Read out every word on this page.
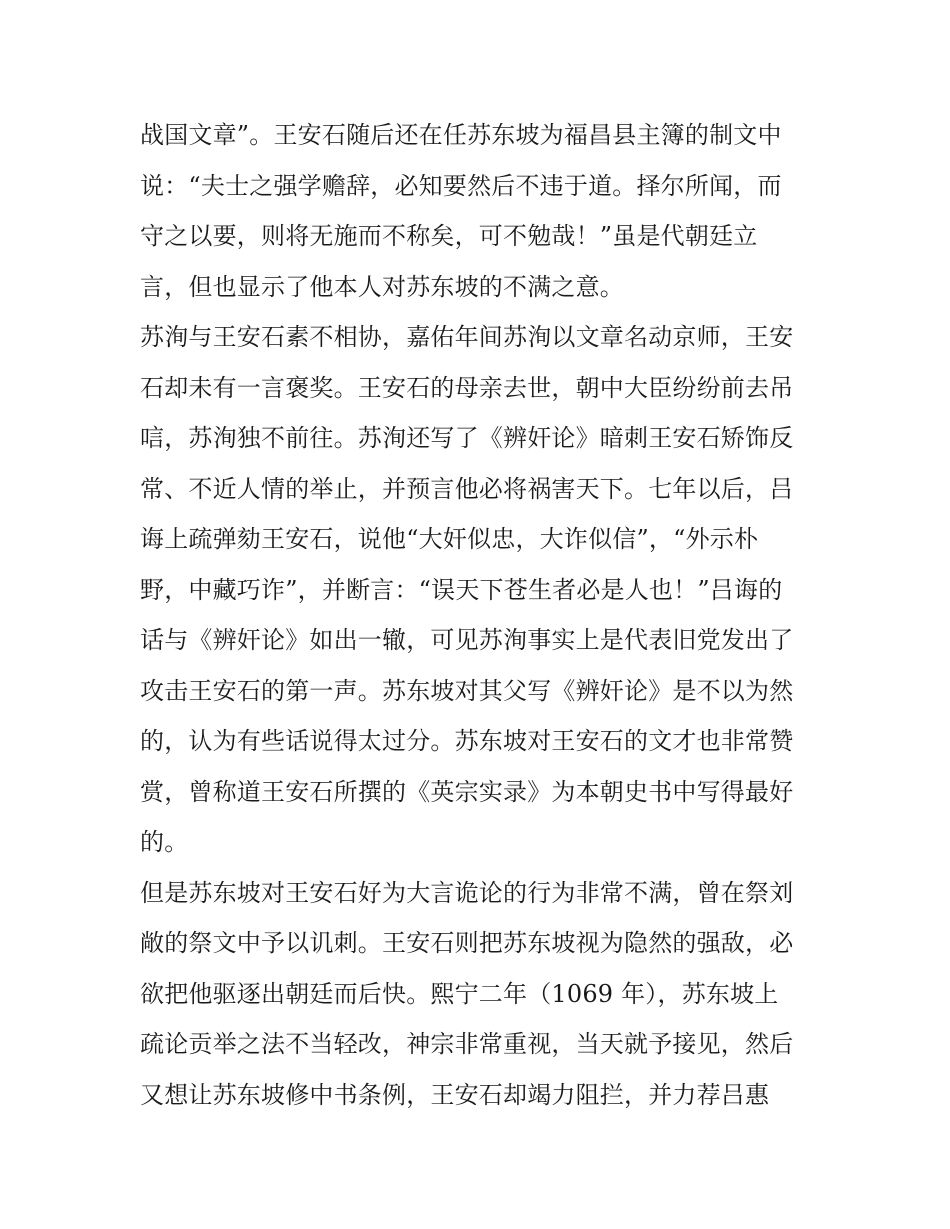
战国文章”。王安石随后还在任苏东坡为福昌县主簿的制文中
说：“夫士之强学赡辞，必知要然后不违于道。择尔所闻，而
守之以要，则将无施而不称矣，可不勉哉！”虽是代朝廷立
言，但也显示了他本人对苏东坡的不满之意。
苏洵与王安石素不相协，嘉佑年间苏洵以文章名动京师，王安
石却未有一言褒奖。王安石的母亲去世，朝中大臣纷纷前去吊
唁，苏洵独不前往。苏洵还写了《辨奸论》暗刺王安石矫饰反
常、不近人情的举止，并预言他必将祸害天下。七年以后，吕
诲上疏弹劾王安石，说他“大奸似忠，大诈似信”，“外示朴
野，中藏巧诈”，并断言：“误天下苍生者必是人也！”吕诲的
话与《辨奸论》如出一辙，可见苏洵事实上是代表旧党发出了
攻击王安石的第一声。苏东坡对其父写《辨奸论》是不以为然
的，认为有些话说得太过分。苏东坡对王安石的文才也非常赞
赏，曾称道王安石所撰的《英宗实录》为本朝史书中写得最好
的。
但是苏东坡对王安石好为大言诡论的行为非常不满，曾在祭刘
敞的祭文中予以讥刺。王安石则把苏东坡视为隐然的强敌，必
欲把他驱逐出朝廷而后快。熙宁二年（1069 年），苏东坡上
疏论贡举之法不当轻改，神宗非常重视，当天就予接见，然后
又想让苏东坡修中书条例，王安石却竭力阻拦，并力荐吕惠
